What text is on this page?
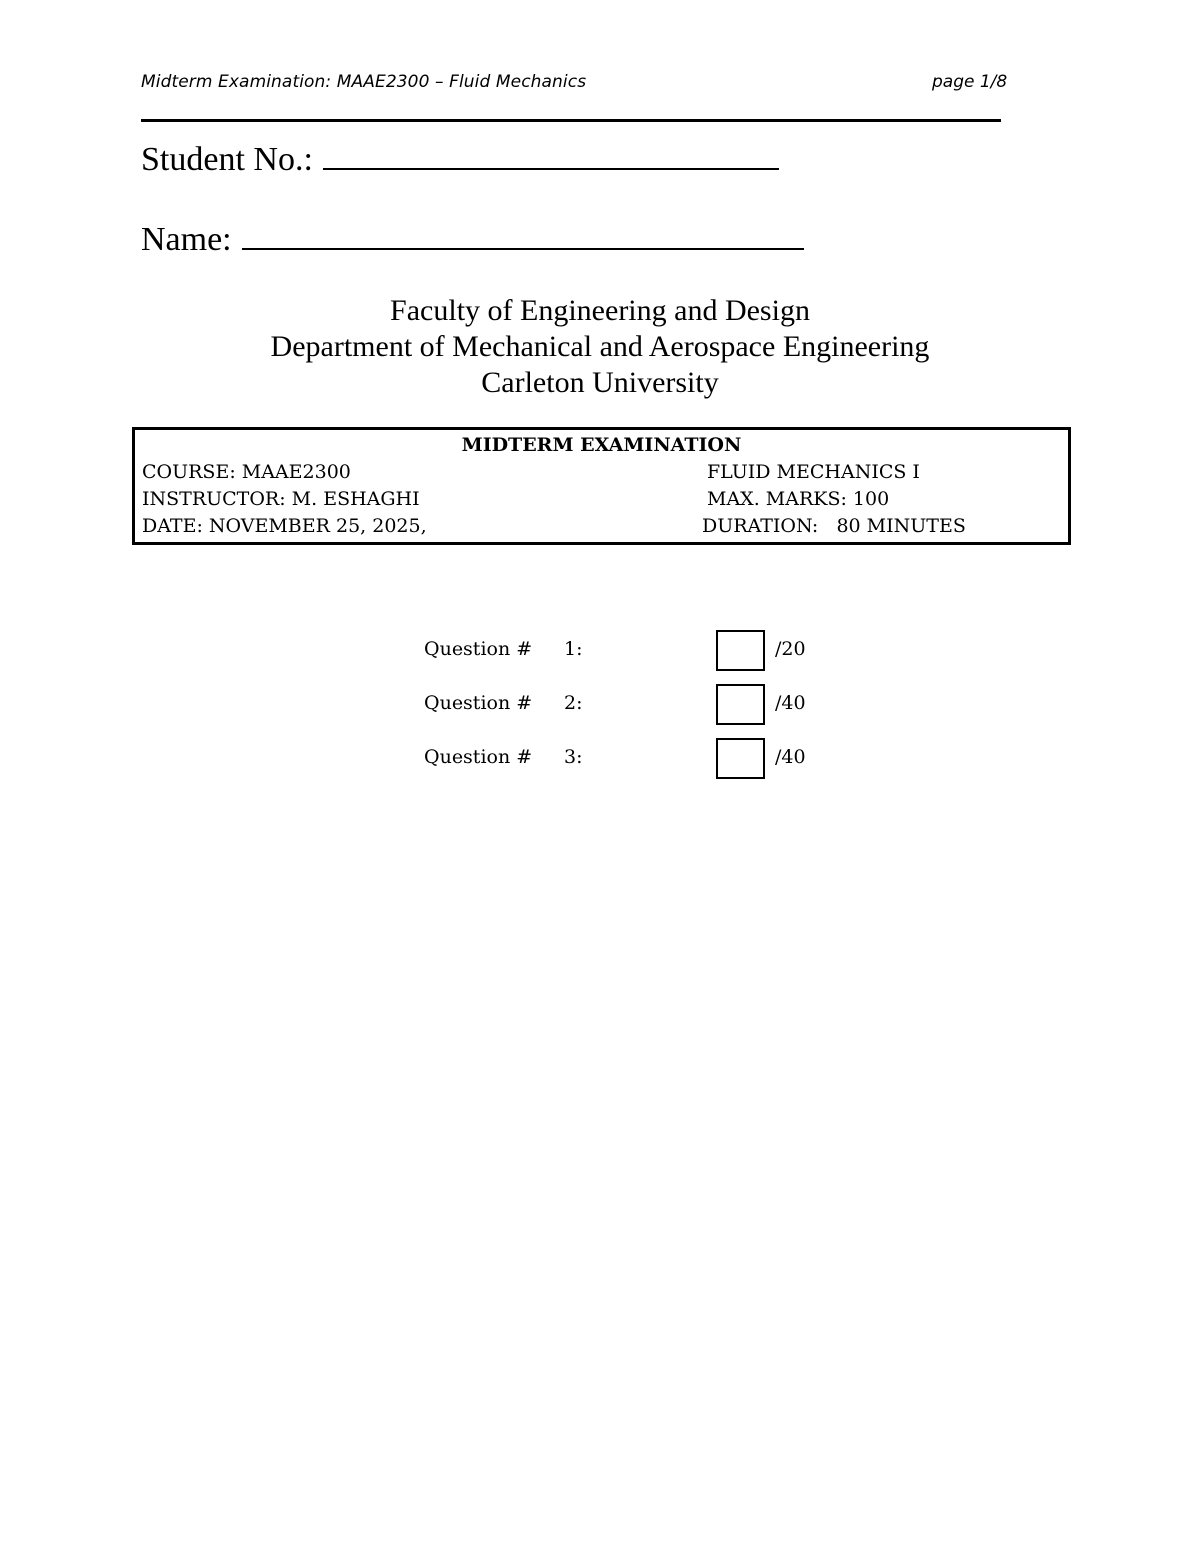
Midterm Examination: MAAE2300 – Fluid Mechanics	page 1/8
Student No.:
Name:
Faculty of Engineering and Design
Department of Mechanical and Aerospace Engineering
Carleton University
MIDTERM EXAMINATION
COURSE: MAAE2300	FLUID MECHANICS I
INSTRUCTOR: M. ESHAGHI	MAX. MARKS: 100
DATE: NOVEMBER 25, 2025,	DURATION:   80 MINUTES
Question # 1:	/20
Question # 2:	/40
Question # 3:	/40
